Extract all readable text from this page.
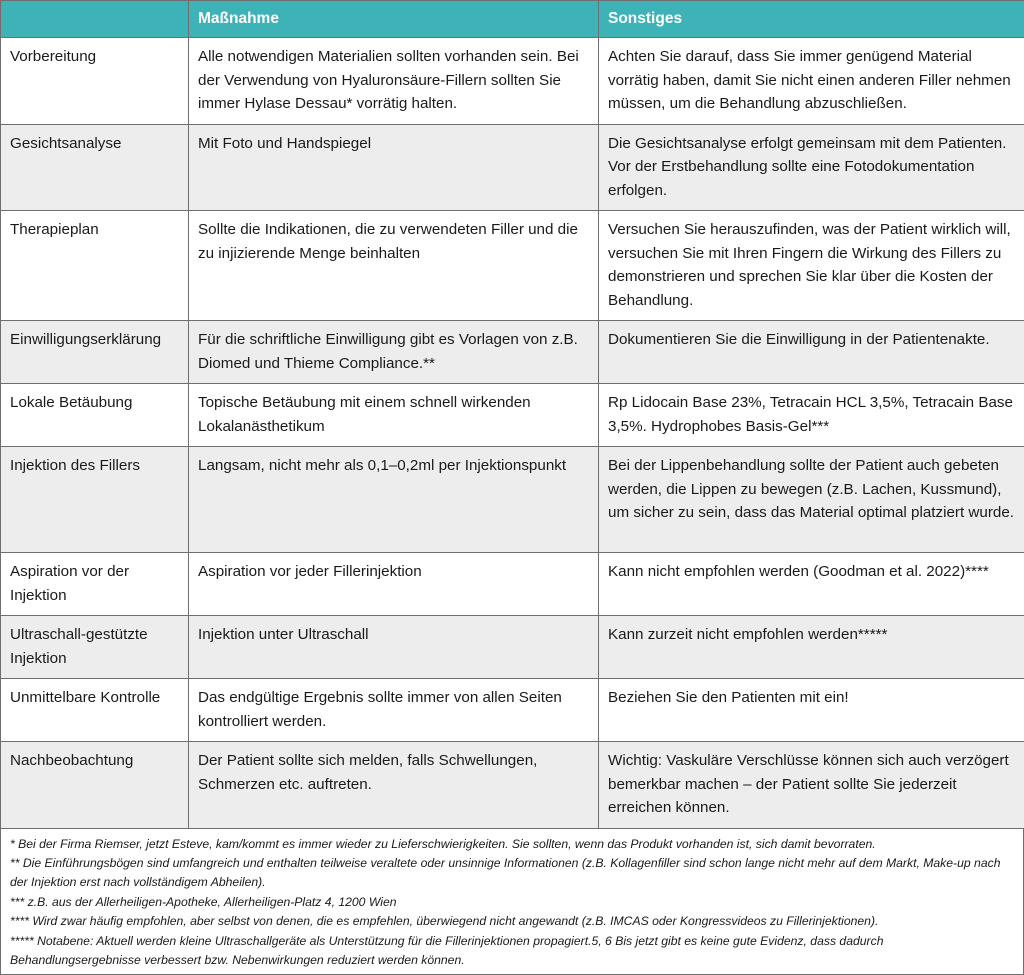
	Maßnahme	Sonstiges
Vorbereitung	Alle notwendigen Materialien sollten vorhanden sein. Bei der Verwendung von Hyaluronsäure-Fillern sollten Sie immer Hylase Dessau* vorrätig halten.	Achten Sie darauf, dass Sie immer genügend Material vorrätig haben, damit Sie nicht einen anderen Filler nehmen müssen, um die Behandlung abzuschließen.
Gesichtsanalyse	Mit Foto und Handspiegel	Die Gesichtsanalyse erfolgt gemeinsam mit dem Patienten. Vor der Erstbehandlung sollte eine Fotodokumentation erfolgen.
Therapieplan	Sollte die Indikationen, die zu verwendeten Filler und die zu injizierende Menge beinhalten	Versuchen Sie herauszufinden, was der Patient wirklich will, versuchen Sie mit Ihren Fingern die Wirkung des Fillers zu demonstrieren und sprechen Sie klar über die Kosten der Behandlung.
Einwilligungserklärung	Für die schriftliche Einwilligung gibt es Vorlagen von z.B. Diomed und Thieme Compliance.**	Dokumentieren Sie die Einwilligung in der Patientenakte.
Lokale Betäubung	Topische Betäubung mit einem schnell wirkenden Lokalanästhetikum	Rp Lidocain Base 23%, Tetracain HCL 3,5%, Tetracain Base 3,5%. Hydrophobes Basis-Gel***
Injektion des Fillers	Langsam, nicht mehr als 0,1–0,2ml per Injektionspunkt	Bei der Lippenbehandlung sollte der Patient auch gebeten werden, die Lippen zu bewegen (z.B. Lachen, Kussmund), um sicher zu sein, dass das Material optimal platziert wurde.
Aspiration vor der Injektion	Aspiration vor jeder Fillerinjektion	Kann nicht empfohlen werden (Goodman et al. 2022)****
Ultraschall-gestützte Injektion	Injektion unter Ultraschall	Kann zurzeit nicht empfohlen werden*****
Unmittelbare Kontrolle	Das endgültige Ergebnis sollte immer von allen Seiten kontrolliert werden.	Beziehen Sie den Patienten mit ein!
Nachbeobachtung	Der Patient sollte sich melden, falls Schwellungen, Schmerzen etc. auftreten.	Wichtig: Vaskuläre Verschlüsse können sich auch verzögert bemerkbar machen – der Patient sollte Sie jederzeit erreichen können.

* Bei der Firma Riemser, jetzt Esteve, kam/kommt es immer wieder zu Lieferschwierigkeiten. Sie sollten, wenn das Produkt vorhanden ist, sich damit bevorraten.

** Die Einführungsbögen sind umfangreich und enthalten teilweise veraltete oder unsinnige Informationen (z.B. Kollagenfiller sind schon lange nicht mehr auf dem Markt, Make-up nach der Injektion erst nach vollständigem Abheilen).

*** z.B. aus der Allerheiligen-Apotheke, Allerheiligen-Platz 4, 1200 Wien

**** Wird zwar häufig empfohlen, aber selbst von denen, die es empfehlen, überwiegend nicht angewandt (z.B. IMCAS oder Kongressvideos zu Fillerinjektionen).

***** Notabene: Aktuell werden kleine Ultraschallgeräte als Unterstützung für die Fillerinjektionen propagiert.5, 6 Bis jetzt gibt es keine gute Evidenz, dass dadurch Behandlungsergebnisse verbessert bzw. Nebenwirkungen reduziert werden können.
